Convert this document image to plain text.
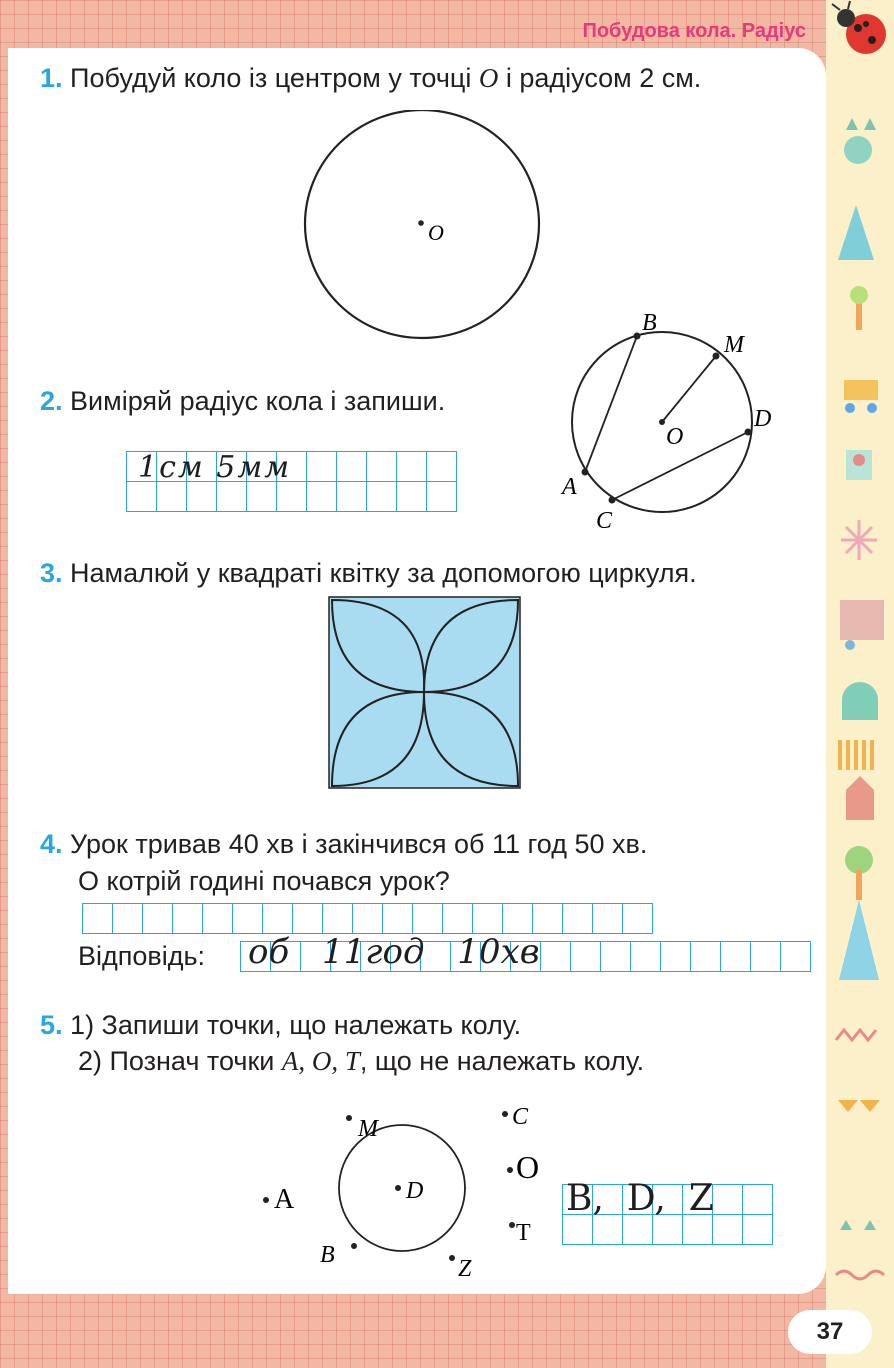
Побудова кола. Радіус
1. Побудуй коло із центром у точці O і радіусом 2 см.
O
2. Виміряй радіус кола і запиши.
1см 5мм
B
M
D
O
A
C
3. Намалюй у квадраті квітку за допомогою циркуля.
4. Урок тривав 40 хв і закінчився об 11 год 50 хв.
О котрій годині почався урок?
Відповідь: об 11год 10хв
5. 1) Запиши точки, що належать колу.
2) Познач точки A, O, T, що не належать колу.
M	C
A	D
O
T
B
Z
B,  D,  Z
37
